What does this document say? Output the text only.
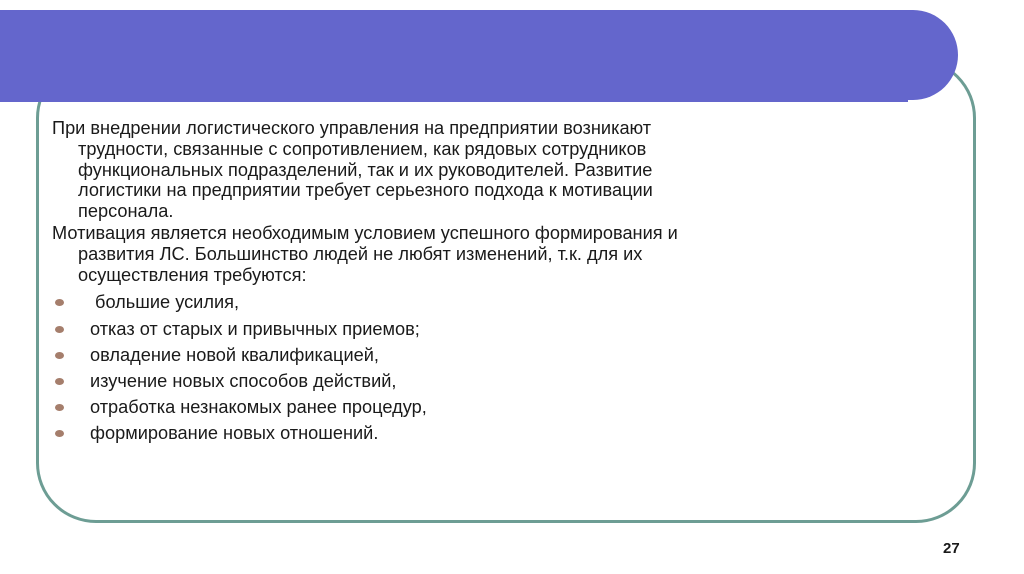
При внедрении логистического управления на предприятии возникают
трудности, связанные с сопротивлением, как рядовых сотрудников
функциональных подразделений, так и их руководителей. Развитие
логистики на предприятии требует серьезного подхода к мотивации
персонала.

Мотивация является необходимым условием успешного формирования и
развития ЛС. Большинство людей не любят изменений, т.к. для их
осуществления требуются:

большие усилия,
отказ от старых и привычных приемов;
овладение новой квалификацией,
изучение новых способов действий,
отработка незнакомых ранее процедур,
формирование новых отношений.
27
